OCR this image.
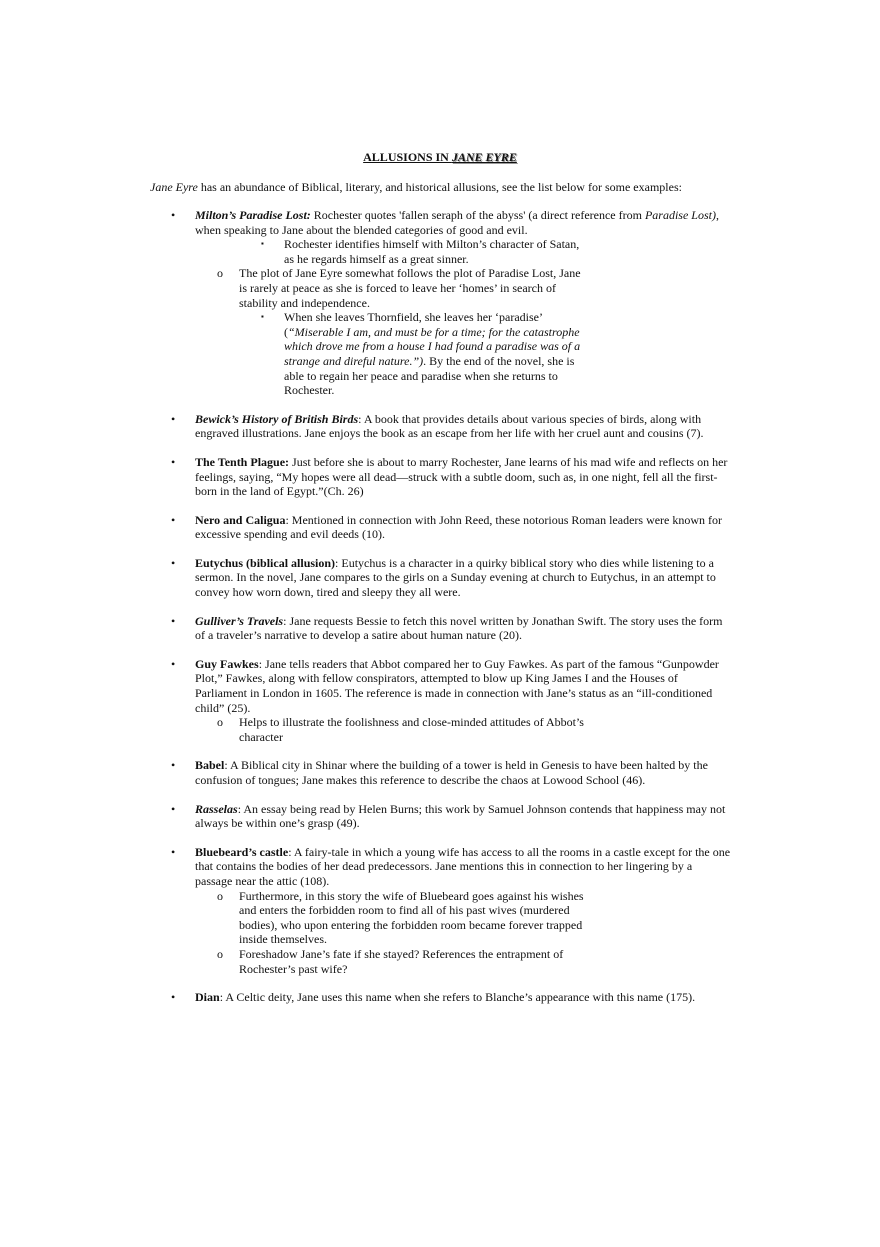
ALLUSIONS IN JANE EYRE
Jane Eyre has an abundance of Biblical, literary, and historical allusions, see the list below for some examples:
• Milton’s Paradise Lost: Rochester quotes 'fallen seraph of the abyss' (a direct reference from Paradise Lost), when speaking to Jane about the blended categories of good and evil.
▪ Rochester identifies himself with Milton’s character of Satan, as he regards himself as a great sinner.
o The plot of Jane Eyre somewhat follows the plot of Paradise Lost, Jane is rarely at peace as she is forced to leave her ‘homes’ in search of stability and independence.
▪ When she leaves Thornfield, she leaves her ‘paradise’ (“Miserable I am, and must be for a time; for the catastrophe which drove me from a house I had found a paradise was of a strange and direful nature.”). By the end of the novel, she is able to regain her peace and paradise when she returns to Rochester.
• Bewick’s History of British Birds: A book that provides details about various species of birds, along with engraved illustrations. Jane enjoys the book as an escape from her life with her cruel aunt and cousins (7).
• The Tenth Plague: Just before she is about to marry Rochester, Jane learns of his mad wife and reflects on her feelings, saying, “My hopes were all dead—struck with a subtle doom, such as, in one night, fell all the first-born in the land of Egypt.”(Ch. 26)
• Nero and Caligua: Mentioned in connection with John Reed, these notorious Roman leaders were known for excessive spending and evil deeds (10).
• Eutychus (biblical allusion): Eutychus is a character in a quirky biblical story who dies while listening to a sermon. In the novel, Jane compares to the girls on a Sunday evening at church to Eutychus, in an attempt to convey how worn down, tired and sleepy they all were.
• Gulliver’s Travels: Jane requests Bessie to fetch this novel written by Jonathan Swift. The story uses the form of a traveler’s narrative to develop a satire about human nature (20).
• Guy Fawkes: Jane tells readers that Abbot compared her to Guy Fawkes. As part of the famous “Gunpowder Plot,” Fawkes, along with fellow conspirators, attempted to blow up King James I and the Houses of Parliament in London in 1605. The reference is made in connection with Jane’s status as an “ill-conditioned child” (25).
o Helps to illustrate the foolishness and close-minded attitudes of Abbot’s character
• Babel: A Biblical city in Shinar where the building of a tower is held in Genesis to have been halted by the confusion of tongues; Jane makes this reference to describe the chaos at Lowood School (46).
• Rasselas: An essay being read by Helen Burns; this work by Samuel Johnson contends that happiness may not always be within one’s grasp (49).
• Bluebeard’s castle: A fairy-tale in which a young wife has access to all the rooms in a castle except for the one that contains the bodies of her dead predecessors. Jane mentions this in connection to her lingering by a passage near the attic (108).
o Furthermore, in this story the wife of Bluebeard goes against his wishes and enters the forbidden room to find all of his past wives (murdered bodies), who upon entering the forbidden room became forever trapped inside themselves.
o Foreshadow Jane’s fate if she stayed? References the entrapment of Rochester’s past wife?
• Dian: A Celtic deity, Jane uses this name when she refers to Blanche’s appearance with this name (175).
